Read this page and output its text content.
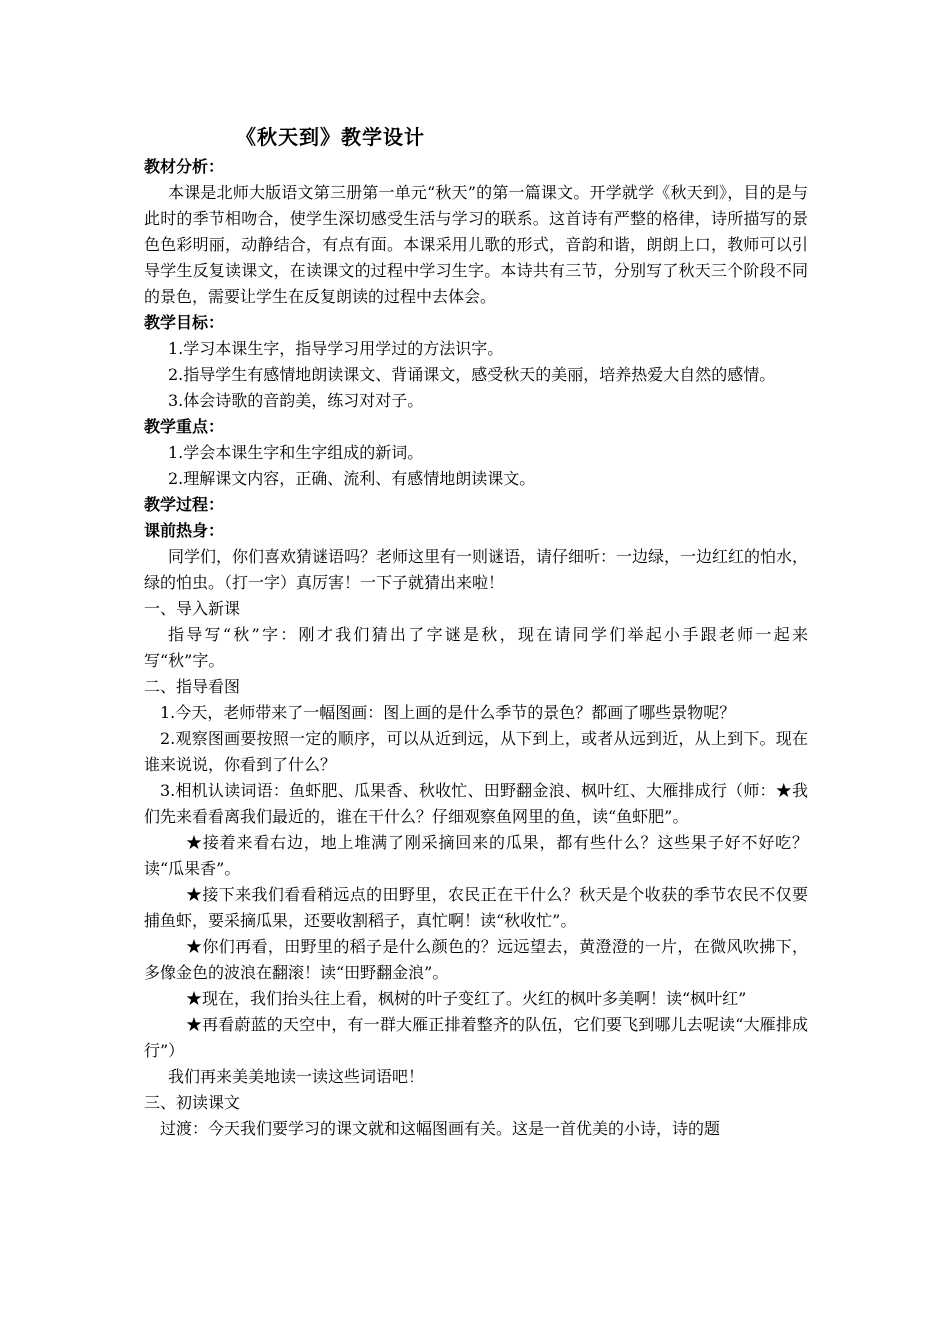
《秋天到》教学设计
教材分析：

本课是北师大版语文第三册第一单元“秋天”的第一篇课文。开学就学《秋天到》，目的是与此时的季节相吻合，使学生深切感受生活与学习的联系。这首诗有严整的格律，诗所描写的景色色彩明丽，动静结合，有点有面。本课采用儿歌的形式，音韵和谐，朗朗上口，教师可以引导学生反复读课文，在读课文的过程中学习生字。本诗共有三节，分别写了秋天三个阶段不同的景色，需要让学生在反复朗读的过程中去体会。

教学目标：

1.学习本课生字，指导学习用学过的方法识字。

2.指导学生有感情地朗读课文、背诵课文，感受秋天的美丽，培养热爱大自然的感情。

3.体会诗歌的音韵美，练习对对子。

教学重点：

1.学会本课生字和生字组成的新词。

2.理解课文内容，正确、流利、有感情地朗读课文。

教学过程：
课前热身：

同学们，你们喜欢猜谜语吗？老师这里有一则谜语，请仔细听：一边绿，一边红红的怕水，绿的怕虫。（打一字）真厉害！一下子就猜出来啦！

一、导入新课

指导写“秋”字：刚才我们猜出了字谜是秋，现在请同学们举起小手跟老师一起来写“秋”字。

二、指导看图

1.今天，老师带来了一幅图画：图上画的是什么季节的景色？都画了哪些景物呢？

2.观察图画要按照一定的顺序，可以从近到远，从下到上，或者从远到近，从上到下。现在谁来说说，你看到了什么？

3.相机认读词语：鱼虾肥、瓜果香、秋收忙、田野翻金浪、枫叶红、大雁排成行（师：★我们先来看看离我们最近的，谁在干什么？仔细观察鱼网里的鱼，读“鱼虾肥”。

★接着来看右边，地上堆满了刚采摘回来的瓜果，都有些什么？这些果子好不好吃？读“瓜果香”。

★接下来我们看看稍远点的田野里，农民正在干什么？秋天是个收获的季节农民不仅要捕鱼虾，要采摘瓜果，还要收割稻子，真忙啊！读“秋收忙”。

★你们再看，田野里的稻子是什么颜色的？远远望去，黄澄澄的一片，在微风吹拂下，多像金色的波浪在翻滚！读“田野翻金浪”。

★现在，我们抬头往上看，枫树的叶子变红了。火红的枫叶多美啊！读“枫叶红”

★再看蔚蓝的天空中，有一群大雁正排着整齐的队伍，它们要飞到哪儿去呢读“大雁排成行”）

我们再来美美地读一读这些词语吧！

三、初读课文

过渡：今天我们要学习的课文就和这幅图画有关。这是一首优美的小诗，诗的题
